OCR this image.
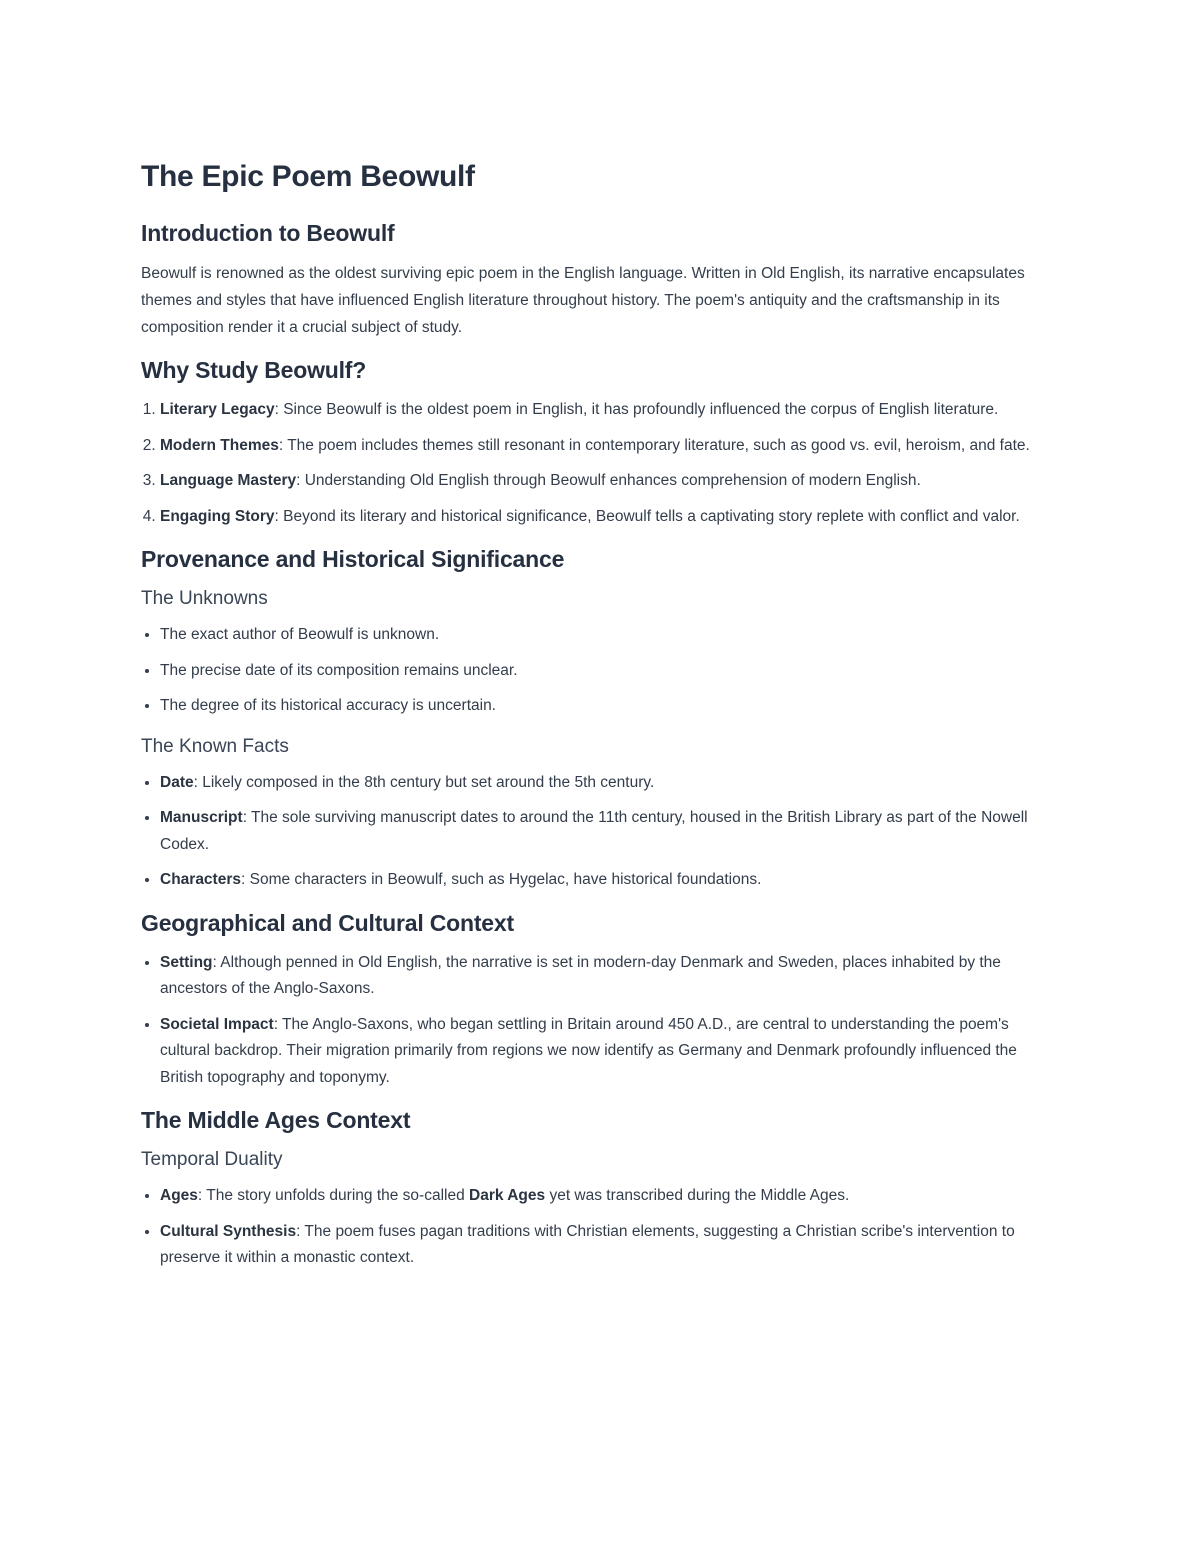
The Epic Poem Beowulf
Introduction to Beowulf

Beowulf is renowned as the oldest surviving epic poem in the English language. Written in Old English, its narrative encapsulates themes and styles that have influenced English literature throughout history. The poem's antiquity and the craftsmanship in its composition render it a crucial subject of study.

Why Study Beowulf?
1. Literary Legacy: Since Beowulf is the oldest poem in English, it has profoundly influenced the corpus of English literature.
2. Modern Themes: The poem includes themes still resonant in contemporary literature, such as good vs. evil, heroism, and fate.
3. Language Mastery: Understanding Old English through Beowulf enhances comprehension of modern English.
4. Engaging Story: Beyond its literary and historical significance, Beowulf tells a captivating story replete with conflict and valor.
Provenance and Historical Significance
The Unknowns
• The exact author of Beowulf is unknown.
• The precise date of its composition remains unclear.
• The degree of its historical accuracy is uncertain.
The Known Facts
• Date: Likely composed in the 8th century but set around the 5th century.
• Manuscript: The sole surviving manuscript dates to around the 11th century, housed in the British Library as part of the Nowell Codex.
• Characters: Some characters in Beowulf, such as Hygelac, have historical foundations.
Geographical and Cultural Context
• Setting: Although penned in Old English, the narrative is set in modern-day Denmark and Sweden, places inhabited by the ancestors of the Anglo-Saxons.
• Societal Impact: The Anglo-Saxons, who began settling in Britain around 450 A.D., are central to understanding the poem's cultural backdrop. Their migration primarily from regions we now identify as Germany and Denmark profoundly influenced the British topography and toponymy.
The Middle Ages Context
Temporal Duality
• Ages: The story unfolds during the so-called Dark Ages yet was transcribed during the Middle Ages.
• Cultural Synthesis: The poem fuses pagan traditions with Christian elements, suggesting a Christian scribe's intervention to preserve it within a monastic context.
